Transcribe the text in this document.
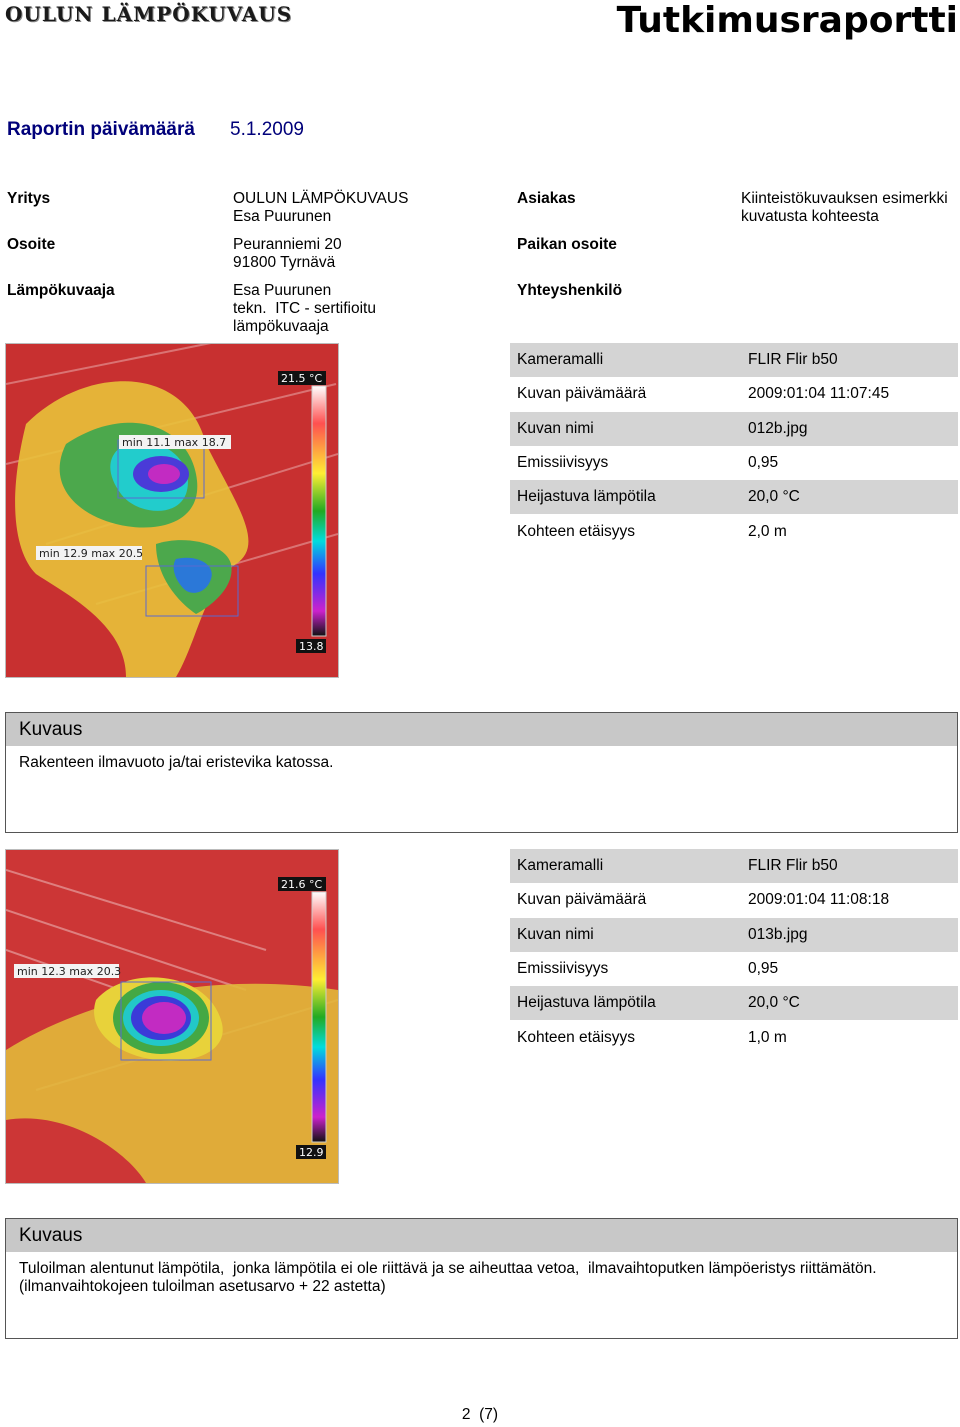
OULUN LÄMPÖKUVAUS	Tutkimusraportti
Raportin päivämäärä 5.1.2009
Yritys	OULUN LÄMPÖKUVAUS
Esa Puurunen
Osoite	Peuranniemi 20
91800 Tyrnävä
Lämpökuvaaja	Esa Puurunen
tekn.  ITC - sertifioitu
lämpökuvaaja
Asiakas	Kiinteistökuvauksen esimerkki
kuvatusta kohteesta
Paikan osoite
Yhteyshenkilö
21.5 °C
13.8
min 11.1 max 18.7
min 12.9 max 20.5
Kameramalli	FLIR Flir b50
Kuvan päivämäärä	2009:01:04 11:07:45
Kuvan nimi	012b.jpg
Emissiivisyys	0,95
Heijastuva lämpötila	20,0 °C
Kohteen etäisyys	2,0 m
Kuvaus
Rakenteen ilmavuoto ja/tai eristevika katossa.
21.6 °C
12.9
min 12.3 max 20.3
Kameramalli	FLIR Flir b50
Kuvan päivämäärä	2009:01:04 11:08:18
Kuvan nimi	013b.jpg
Emissiivisyys	0,95
Heijastuva lämpötila	20,0 °C
Kohteen etäisyys	1,0 m
Kuvaus
Tuloilman alentunut lämpötila,  jonka lämpötila ei ole riittävä ja se aiheuttaa vetoa,  ilmavaihtoputken lämpöeristys riittämätön.
(ilmanvaihtokojeen tuloilman asetusarvo + 22 astetta)
2  (7)
